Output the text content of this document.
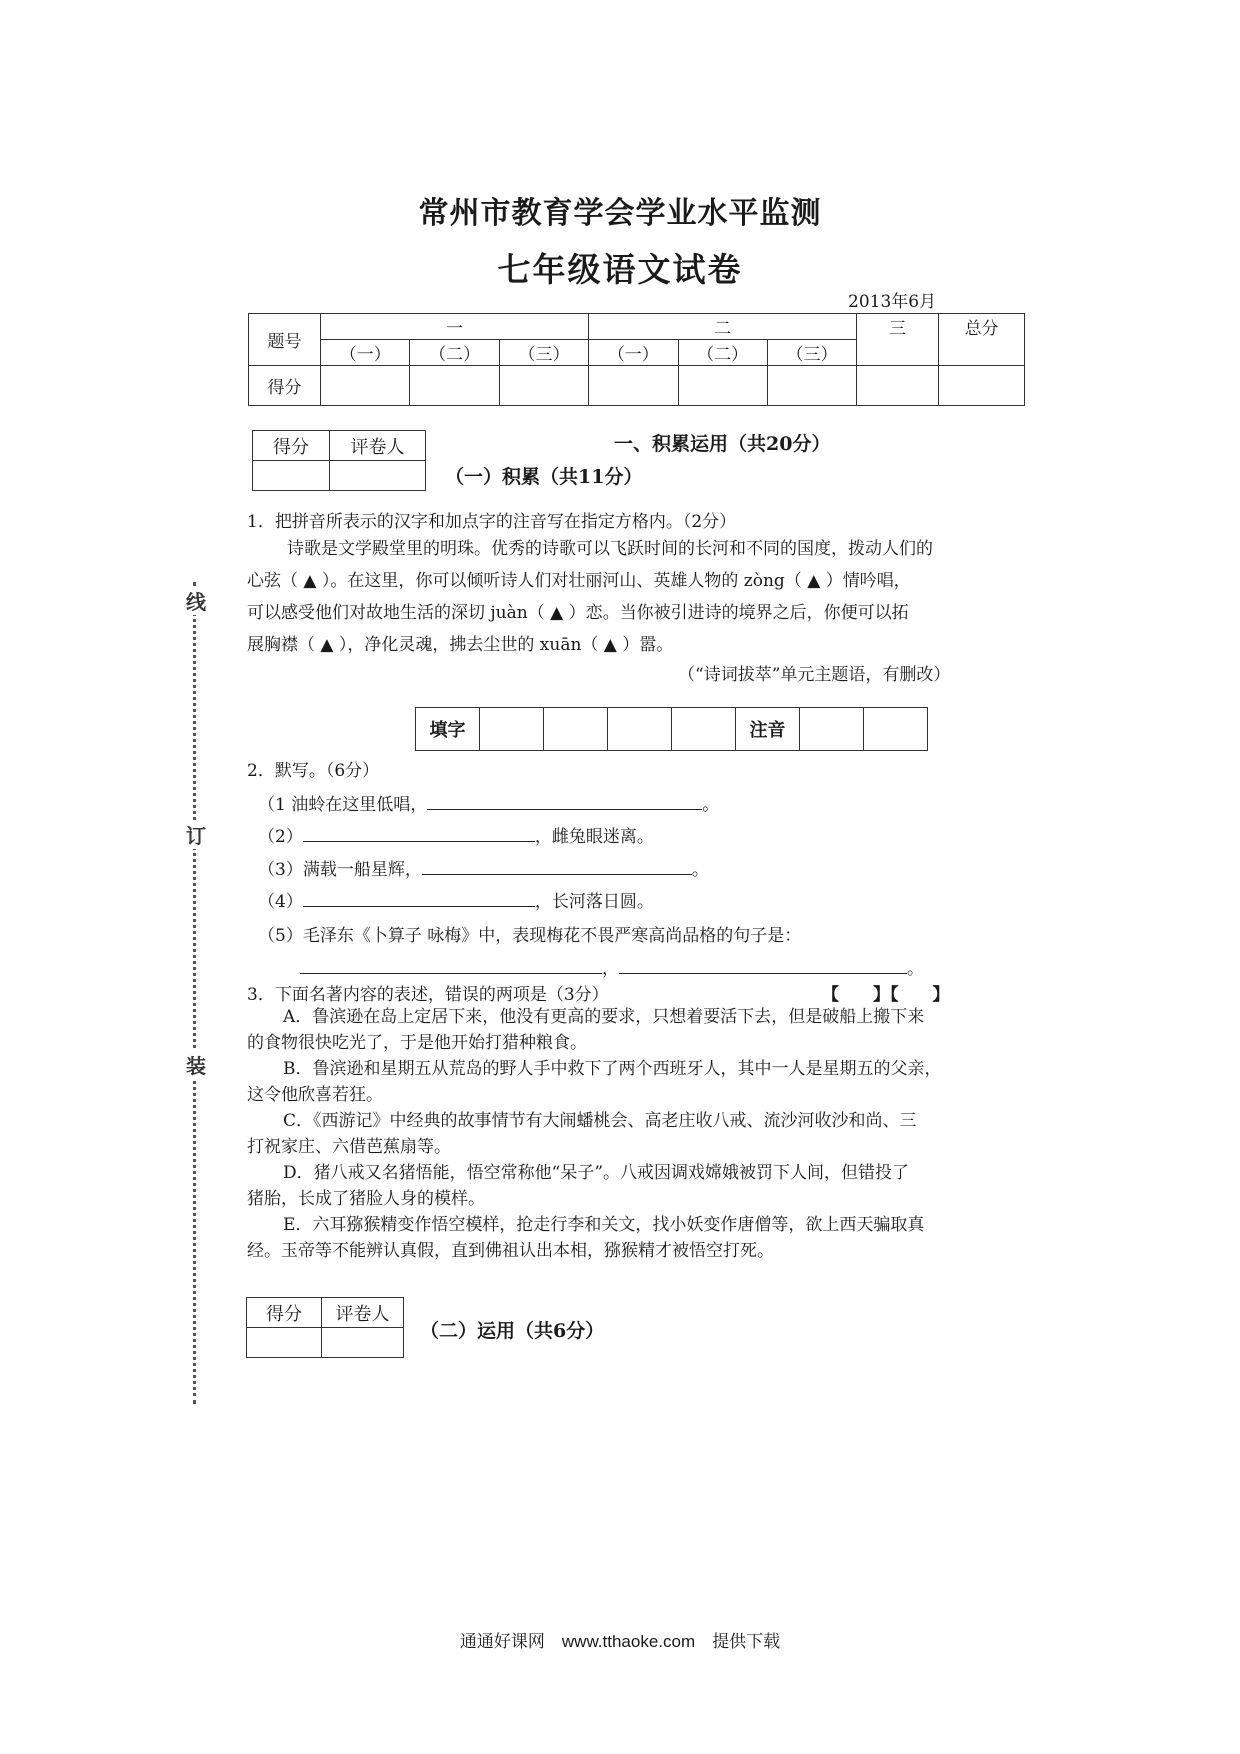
常州市教育学会学业水平监测
七年级语文试卷
2013年6月
题号	一			二			三	总分
	（一）	（二）	（三）	（一）	（二）	（三）		
得分								
得分	评卷人
		一、积累运用（共20分）
（一）积累（共11分）
1．把拼音所表示的汉字和加点字的注音写在指定方格内。（2分）
诗歌是文学殿堂里的明珠。优秀的诗歌可以飞跃时间的长河和不同的国度，拨动人们的
心弦（ ▲ ）。在这里，你可以倾听诗人们对壮丽河山、英雄人物的 zòng（ ▲ ）情吟唱，
可以感受他们对故地生活的深切 juàn（ ▲ ）恋。当你被引进诗的境界之后，你便可以拓
展胸襟（ ▲ ），净化灵魂，拂去尘世的 xuān（ ▲ ）嚣。
（“诗词拔萃”单元主题语，有删改）
填字					注音		
2．默写。（6分）
（1 油蛉在这里低唱，	。
（2）	，雌兔眼迷离。
（3）满载一船星辉，	。
（4）	，长河落日圆。
（5）毛泽东《卜算子 咏梅》中，表现梅花不畏严寒高尚品格的句子是：
，	。
3．下面名著内容的表述，错误的两项是（3分）	【　　】【　　】
A．鲁滨逊在岛上定居下来，他没有更高的要求，只想着要活下去，但是破船上搬下来
的食物很快吃光了，于是他开始打猎种粮食。
B．鲁滨逊和星期五从荒岛的野人手中救下了两个西班牙人，其中一人是星期五的父亲，
这令他欣喜若狂。
C．《西游记》中经典的故事情节有大闹蟠桃会、高老庄收八戒、流沙河收沙和尚、三
打祝家庄、六借芭蕉扇等。
D．猪八戒又名猪悟能，悟空常称他“呆子”。八戒因调戏嫦娥被罚下人间，但错投了
猪胎，长成了猪脸人身的模样。
E．六耳猕猴精变作悟空模样，抢走行李和关文，找小妖变作唐僧等，欲上西天骗取真
经。玉帝等不能辨认真假，直到佛祖认出本相，猕猴精才被悟空打死。
得分	评卷人

（二）运用（共6分）
线
订
装
通通好课网　www.tthaoke.com　提供下载
